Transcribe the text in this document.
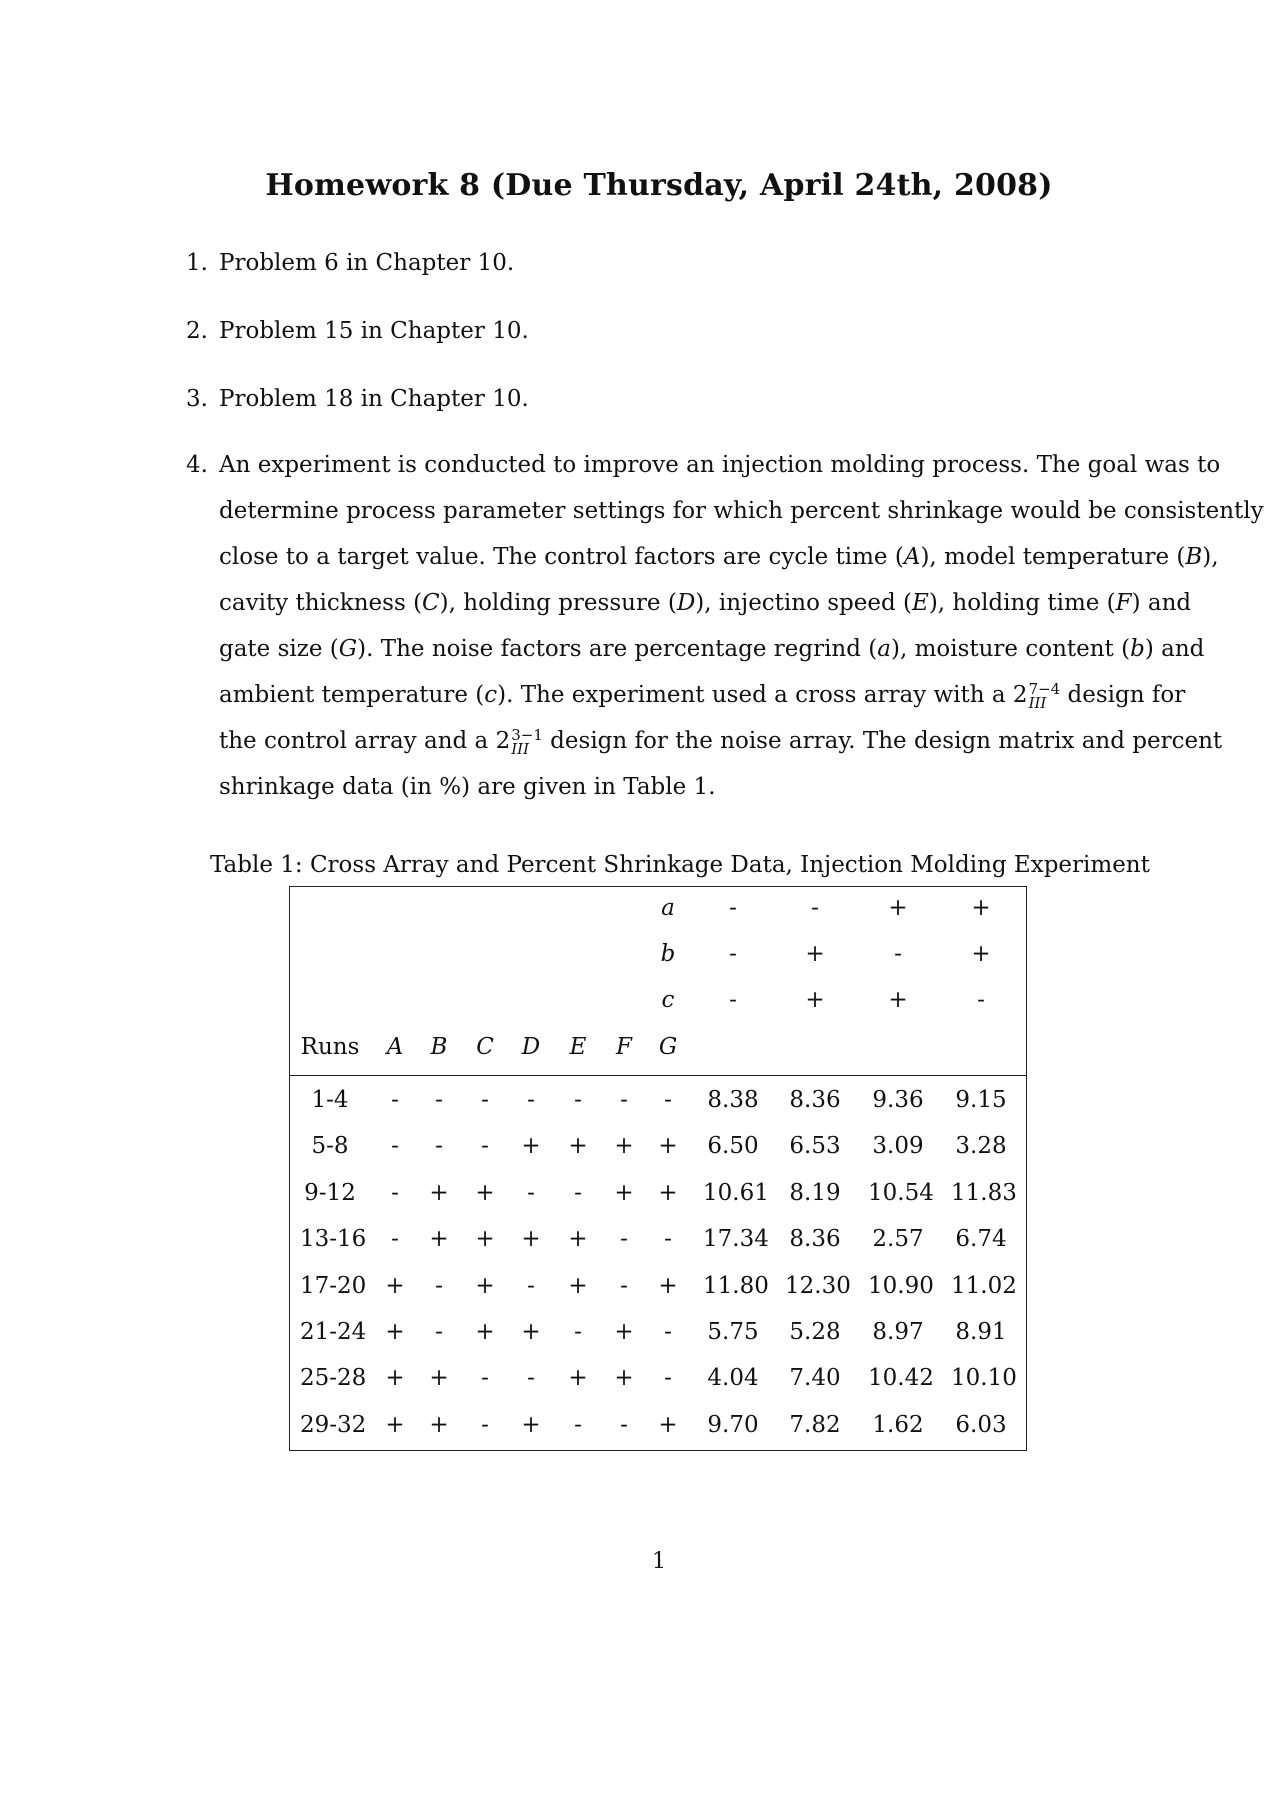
Homework 8 (Due Thursday, April 24th, 2008)
1. Problem 6 in Chapter 10.
2. Problem 15 in Chapter 10.
3. Problem 18 in Chapter 10.
4. An experiment is conducted to improve an injection molding process. The goal was to
determine process parameter settings for which percent shrinkage would be consistently
close to a target value. The control factors are cycle time (A), model temperature (B),
cavity thickness (C), holding pressure (D), injectino speed (E), holding time (F) and
gate size (G). The noise factors are percentage regrind (a), moisture content (b) and
ambient temperature (c). The experiment used a cross array with a 2 7−4
III design for
the control array and a 2 3−1
III design for the noise array. The design matrix and percent
shrinkage data (in %) are given in Table 1.
Table 1: Cross Array and Percent Shrinkage Data, Injection Molding Experiment
a	-	-	+	+
b	-	+	-	+
c	-	+	+	-
Runs	A	B	C	D	E	F	G
1-4	-	-	-	-	-	-	-	8.38 8.36 9.36 9.15
5-8	-	-	-	+	+	+	+	6.50 6.53 3.09 3.28
9-12	-	+	+	-	-	+	+	10.61 8.19 10.54 11.83
13-16	-	+	+	+	+	-	-	17.34 8.36 2.57 6.74
17-20 +	-	+	-	+	-	+	11.80 12.30 10.90 11.02
21-24 +	-	+	+	-	+	-	5.75 5.28 8.97 8.91
25-28 +	+	-	-	+	+	-	4.04 7.40 10.42 10.10
29-32 +	+	-	+	-	-	+	9.70 7.82 1.62 6.03
1
